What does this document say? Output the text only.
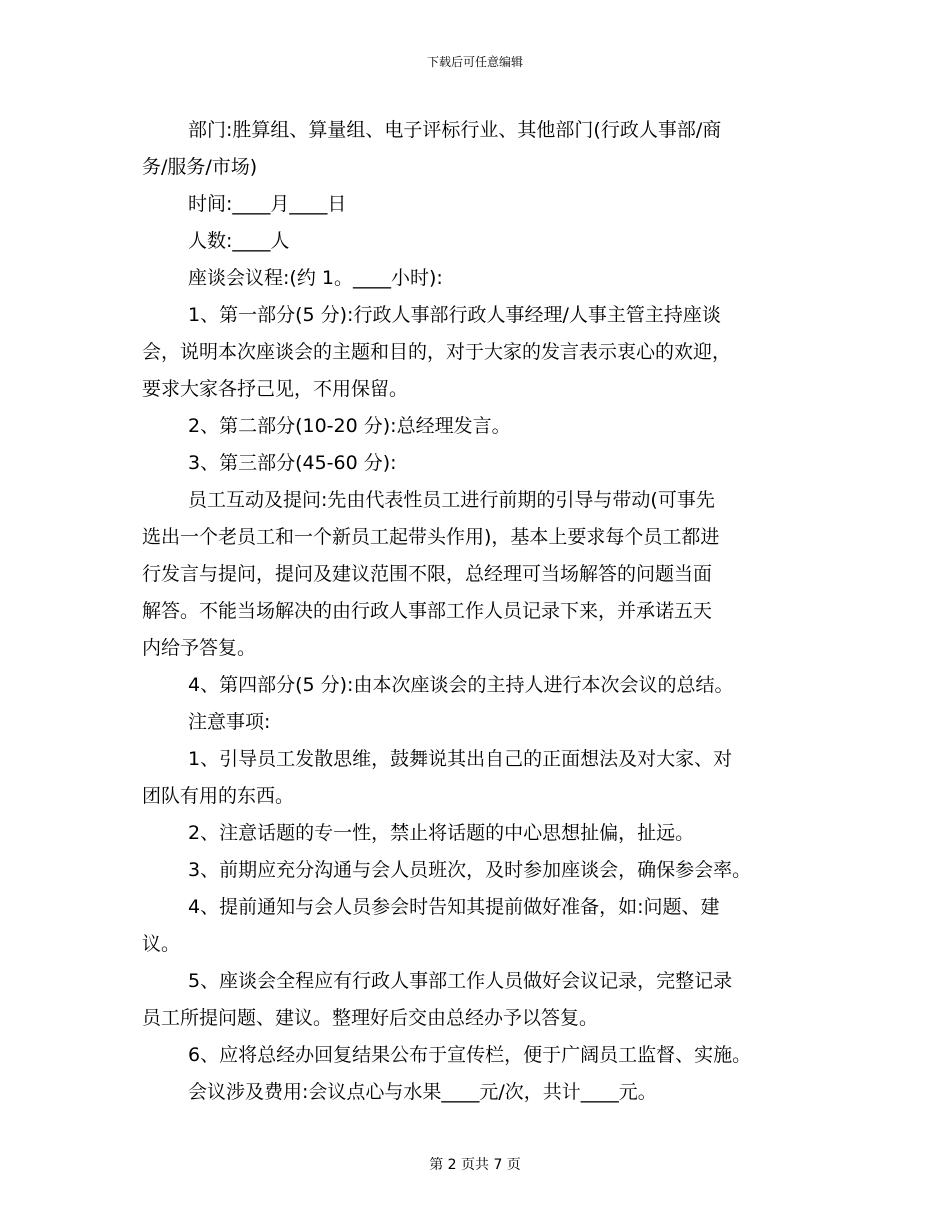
下载后可任意编辑

部门:胜算组、算量组、电子评标行业、其他部门(行政人事部/商
务/服务/市场)

时间:____月____日

人数:____人

座谈会议程:(约 1。____小时):

1、第一部分(5 分):行政人事部行政人事经理/人事主管主持座谈
会，说明本次座谈会的主题和目的，对于大家的发言表示衷心的欢迎，
要求大家各抒己见，不用保留。

2、第二部分(10-20 分):总经理发言。

3、第三部分(45-60 分):

员工互动及提问:先由代表性员工进行前期的引导与带动(可事先
选出一个老员工和一个新员工起带头作用)，基本上要求每个员工都进
行发言与提问，提问及建议范围不限，总经理可当场解答的问题当面
解答。不能当场解决的由行政人事部工作人员记录下来，并承诺五天
内给予答复。

4、第四部分(5 分):由本次座谈会的主持人进行本次会议的总结。

注意事项:

1、引导员工发散思维，鼓舞说其出自己的正面想法及对大家、对
团队有用的东西。

2、注意话题的专一性，禁止将话题的中心思想扯偏，扯远。

3、前期应充分沟通与会人员班次，及时参加座谈会，确保参会率。

4、提前通知与会人员参会时告知其提前做好准备，如:问题、建
议。

5、座谈会全程应有行政人事部工作人员做好会议记录，完整记录
员工所提问题、建议。整理好后交由总经办予以答复。

6、应将总经办回复结果公布于宣传栏，便于广阔员工监督、实施。

会议涉及费用:会议点心与水果____元/次，共计____元。

第 2 页共 7 页
